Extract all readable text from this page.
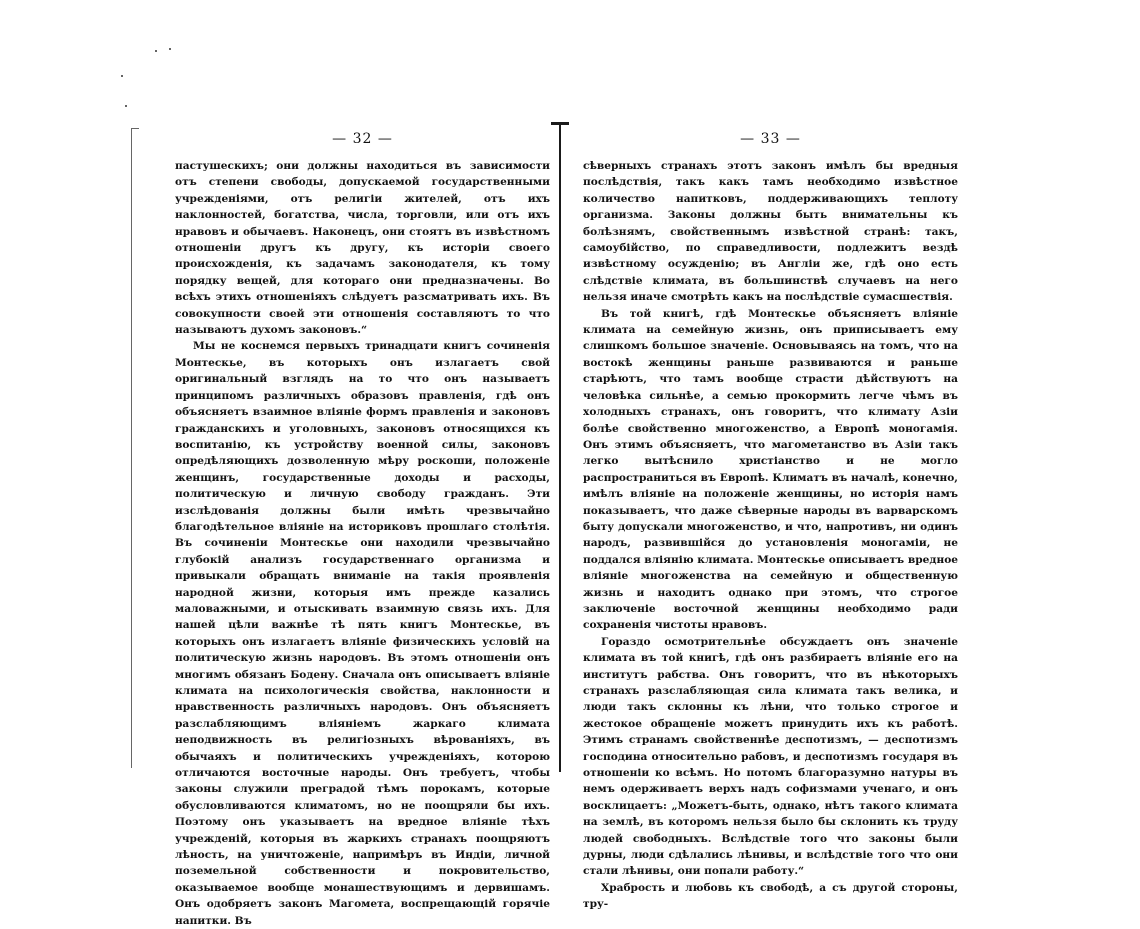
— 32 —

пастушескихъ; они должны находиться въ зависимости отъ степени свободы, допускаемой государственными учрежденіями, отъ религіи жителей, отъ ихъ наклонностей, богатства, числа, торговли, или отъ ихъ нравовъ и обычаевъ. Наконецъ, они стоятъ въ извѣстномъ отношеніи другъ къ другу, къ исторіи своего происхожденія, къ задачамъ законодателя, къ тому порядку вещей, для котораго они предназначены. Во всѣхъ этихъ отношеніяхъ слѣдуетъ разсматривать ихъ. Въ совокупности своей эти отношенія составляютъ то что называютъ духомъ законовъ.“

Мы не коснемся первыхъ тринадцати книгъ сочиненія Монтескье, въ которыхъ онъ излагаетъ свой оригинальный взглядъ на то что онъ называетъ принципомъ различныхъ образовъ правленія, гдѣ онъ объясняетъ взаимное вліяніе формъ правленія и законовъ гражданскихъ и уголовныхъ, законовъ относящихся къ воспитанію, къ устройству военной силы, законовъ опредѣляющихъ дозволенную мѣру роскоши, положеніе женщинъ, государственные доходы и расходы, политическую и личную свободу гражданъ. Эти изслѣдованія должны были имѣть чрезвычайно благодѣтельное вліяніе на историковъ прошлаго столѣтія. Въ сочиненіи Монтескье они находили чрезвычайно глубокій анализъ государственнаго организма и привыкали обращать вниманіе на такія проявленія народной жизни, которыя имъ прежде казались маловажными, и отыскивать взаимную связь ихъ. Для нашей цѣли важнѣе тѣ пять книгъ Монтескье, въ которыхъ онъ излагаетъ вліяніе физическихъ условій на политическую жизнь народовъ. Въ этомъ отношеніи онъ многимъ обязанъ Бодену. Сначала онъ описываетъ вліяніе климата на психологическія свойства, наклонности и нравственность различныхъ народовъ. Онъ объясняетъ разслабляющимъ вліяніемъ жаркаго климата неподвижность въ религіозныхъ вѣрованіяхъ, въ обычаяхъ и политическихъ учрежденіяхъ, которою отличаются восточные народы. Онъ требуетъ, чтобы законы служили преградой тѣмъ порокамъ, которые обусловливаются климатомъ, но не поощряли бы ихъ. Поэтому онъ указываетъ на вредное вліяніе тѣхъ учрежденій, которыя въ жаркихъ странахъ поощряютъ лѣность, на уничтоженіе, напримѣръ въ Индіи, личной поземельной собственности и покровительство, оказываемое вообще монашествующимъ и дервишамъ. Онъ одобряетъ законъ Магомета, воспрещающій горячіе напитки. Въ

— 33 —

сѣверныхъ странахъ этотъ законъ имѣлъ бы вредныя послѣдствія, такъ какъ тамъ необходимо извѣстное количество напитковъ, поддерживающихъ теплоту организма. Законы должны быть внимательны къ болѣзнямъ, свойственнымъ извѣстной странѣ: такъ, самоубійство, по справедливости, подлежитъ вездѣ извѣстному осужденію; въ Англіи же, гдѣ оно есть слѣдствіе климата, въ большинствѣ случаевъ на него нельзя иначе смотрѣть какъ на послѣдствіе сумасшествія.

Въ той книгѣ, гдѣ Монтескье объясняетъ вліяніе климата на семейную жизнь, онъ приписываетъ ему слишкомъ большое значеніе. Основываясь на томъ, что на востокѣ женщины раньше развиваются и раньше старѣютъ, что тамъ вообще страсти дѣйствуютъ на человѣка сильнѣе, а семью прокормить легче чѣмъ въ холодныхъ странахъ, онъ говоритъ, что климату Азіи болѣе свойственно многоженство, а Европѣ моногамія. Онъ этимъ объясняетъ, что магометанство въ Азіи такъ легко вытѣснило христіанство и не могло распространиться въ Европѣ. Климатъ въ началѣ, конечно, имѣлъ вліяніе на положеніе женщины, но исторія намъ показываетъ, что даже сѣверные народы въ варварскомъ быту допускали многоженство, и что, напротивъ, ни одинъ народъ, развившійся до установленія моногаміи, не поддался вліянію климата. Монтескье описываетъ вредное вліяніе многоженства на семейную и общественную жизнь и находитъ однако при этомъ, что строгое заключеніе восточной женщины необходимо ради сохраненія чистоты нравовъ.

Гораздо осмотрительнѣе обсуждаетъ онъ значеніе климата въ той книгѣ, гдѣ онъ разбираетъ вліяніе его на институтъ рабства. Онъ говоритъ, что въ нѣкоторыхъ странахъ разслабляющая сила климата такъ велика, и люди такъ склонны къ лѣни, что только строгое и жестокое обращеніе можетъ принудить ихъ къ работѣ. Этимъ странамъ свойственнѣе деспотизмъ, — деспотизмъ господина относительно рабовъ, и деспотизмъ государя въ отношеніи ко всѣмъ. Но потомъ благоразумно натуры въ немъ одерживаетъ верхъ надъ софизмами ученаго, и онъ восклицаетъ: „Можетъ-быть, однако, нѣтъ такого климата на землѣ, въ которомъ нельзя было бы склонить къ труду людей свободныхъ. Вслѣдствіе того что законы были дурны, люди сдѣлались лѣнивы, и вслѣдствіе того что они стали лѣнивы, они попали работу.“

Храбрость и любовь къ свободѣ, а съ другой стороны, тру-
